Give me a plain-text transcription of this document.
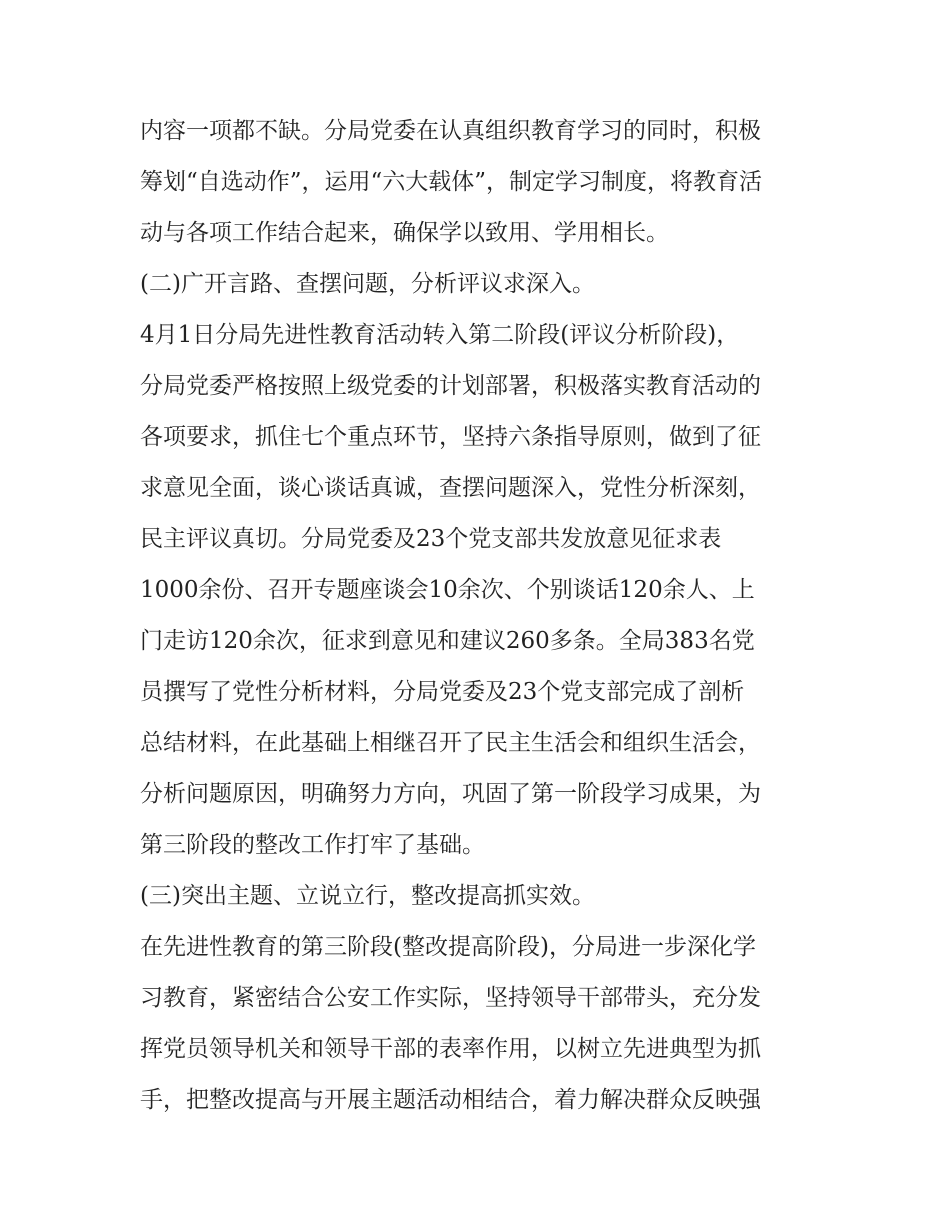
内容一项都不缺。分局党委在认真组织教育学习的同时，积极
筹划“自选动作”，运用“六大载体”，制定学习制度，将教育活
动与各项工作结合起来，确保学以致用、学用相长。
(二)广开言路、查摆问题，分析评议求深入。
4月1日分局先进性教育活动转入第二阶段(评议分析阶段)，
分局党委严格按照上级党委的计划部署，积极落实教育活动的
各项要求，抓住七个重点环节，坚持六条指导原则，做到了征
求意见全面，谈心谈话真诚，查摆问题深入，党性分析深刻，
民主评议真切。分局党委及23个党支部共发放意见征求表
1000余份、召开专题座谈会10余次、个别谈话120余人、上
门走访120余次，征求到意见和建议260多条。全局383名党
员撰写了党性分析材料，分局党委及23个党支部完成了剖析
总结材料，在此基础上相继召开了民主生活会和组织生活会，
分析问题原因，明确努力方向，巩固了第一阶段学习成果，为
第三阶段的整改工作打牢了基础。
(三)突出主题、立说立行，整改提高抓实效。
在先进性教育的第三阶段(整改提高阶段)，分局进一步深化学
习教育，紧密结合公安工作实际，坚持领导干部带头，充分发
挥党员领导机关和领导干部的表率作用，以树立先进典型为抓
手，把整改提高与开展主题活动相结合，着力解决群众反映强
